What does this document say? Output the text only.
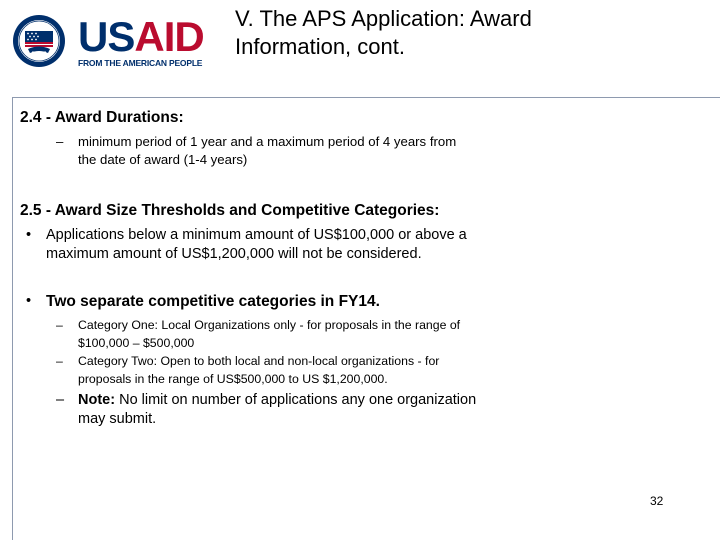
USAID
FROM THE AMERICAN PEOPLE
V. The APS Application: Award
Information, cont.
2.4 - Award Durations:
– minimum period of 1 year and a maximum period of 4 years from
the date of award (1-4 years)
2.5 - Award Size Thresholds and Competitive Categories:
• Applications below a minimum amount of US$100,000 or above a
maximum amount of US$1,200,000 will not be considered.
• Two separate competitive categories in FY14.
– Category One: Local Organizations only - for proposals in the range of
$100,000 – $500,000
– Category Two: Open to both local and non-local organizations - for
proposals in the range of US$500,000 to US $1,200,000.
– Note: No limit on number of applications any one organization
may submit.
32
